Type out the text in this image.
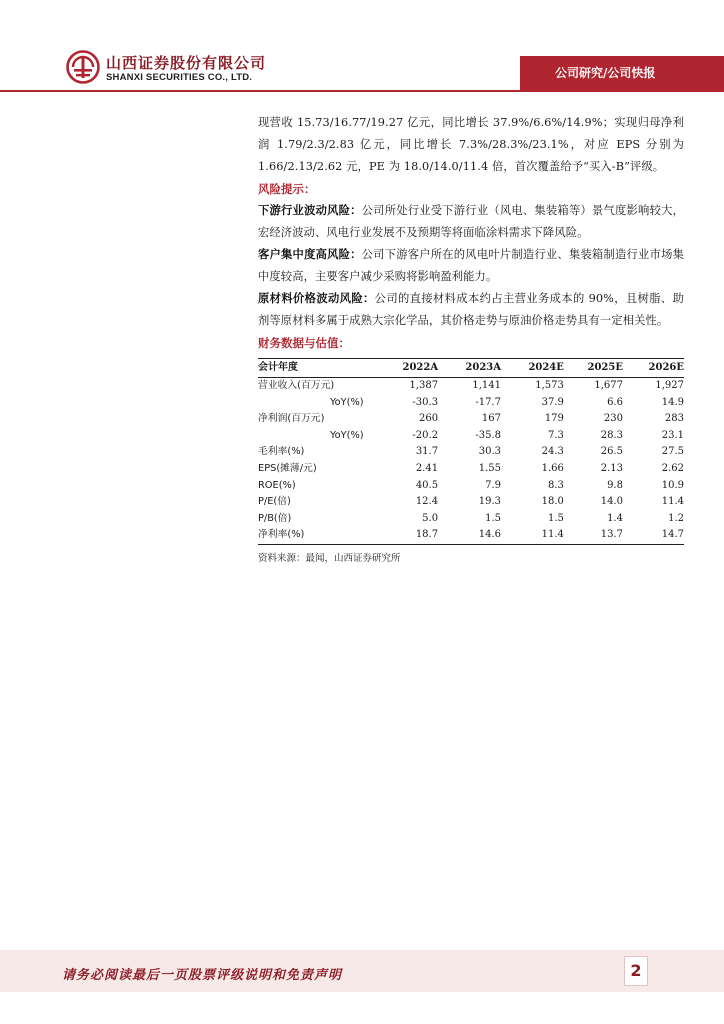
山西证券股份有限公司
SHANXI SECURITIES CO., LTD.	公司研究/公司快报

现营收 15.73/16.77/19.27 亿元，同比增长 37.9%/6.6%/14.9%；实现归母净利润 1.79/2.3/2.83 亿元，同比增长 7.3%/28.3%/23.1%，对应 EPS 分别为 1.66/2.13/2.62 元，PE 为 18.0/14.0/11.4 倍，首次覆盖给予“买入-B”评级。

风险提示：

下游行业波动风险：公司所处行业受下游行业（风电、集装箱等）景气度影响较大，宏经济波动、风电行业发展不及预期等将面临涂料需求下降风险。

客户集中度高风险：公司下游客户所在的风电叶片制造行业、集装箱制造行业市场集中度较高，主要客户减少采购将影响盈利能力。

原材料价格波动风险：公司的直接材料成本约占主营业务成本的 90%，且树脂、助剂等原材料多属于成熟大宗化学品，其价格走势与原油价格走势具有一定相关性。

财务数据与估值：

会计年度	2022A	2023A	2024E	2025E	2026E
营业收入(百万元)	1,387	1,141	1,573	1,677	1,927
YoY(%)	-30.3	-17.7	37.9	6.6	14.9
净利润(百万元)	260	167	179	230	283
YoY(%)	-20.2	-35.8	7.3	28.3	23.1
毛利率(%)	31.7	30.3	24.3	26.5	27.5
EPS(摊薄/元)	2.41	1.55	1.66	2.13	2.62
ROE(%)	40.5	7.9	8.3	9.8	10.9
P/E(倍)	12.4	19.3	18.0	14.0	11.4
P/B(倍)	5.0	1.5	1.5	1.4	1.2
净利率(%)	18.7	14.6	11.4	13.7	14.7
资料来源：最闻，山西证券研究所
请务必阅读最后一页股票评级说明和免责声明	2
